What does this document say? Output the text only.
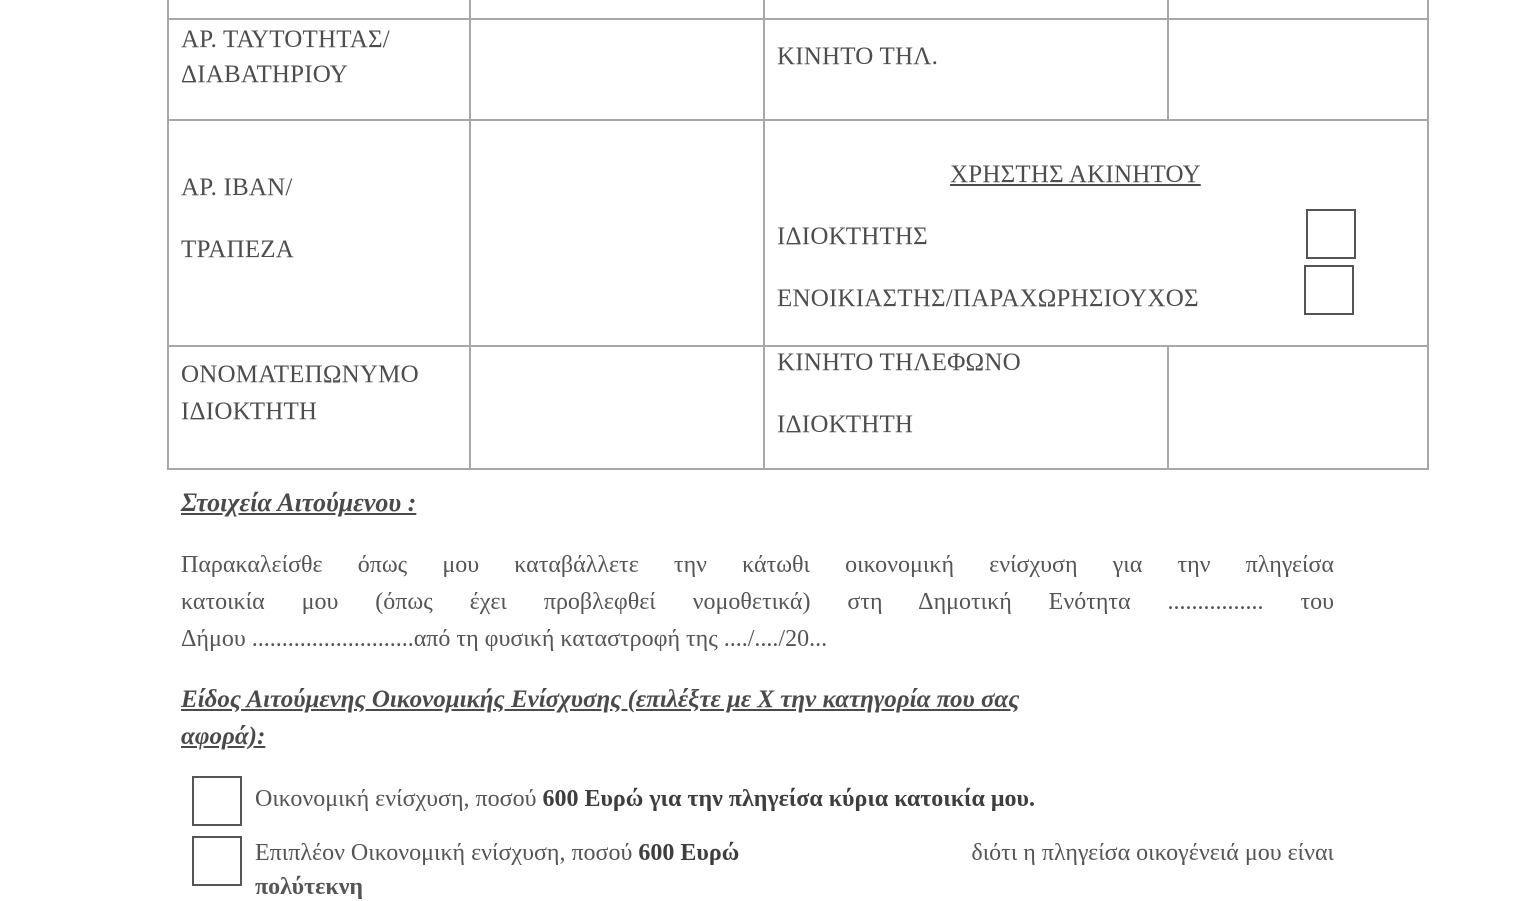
ΑΡ. ΤΑΥΤΟΤΗΤΑΣ/
ΔΙΑΒΑΤΗΡΙΟΥ
ΚΙΝΗΤΟ ΤΗΛ.
ΑΡ. ΙΒΑΝ/
ΤΡΑΠΕΖΑ
ΧΡΗΣΤΗΣ ΑΚΙΝΗΤΟΥ
ΙΔΙΟΚΤΗΤΗΣ
ΕΝΟΙΚΙΑΣΤΗΣ/ΠΑΡΑΧΩΡΗΣΙΟΥΧΟΣ
ΟΝΟΜΑΤΕΠΩΝΥΜΟ
ΙΔΙΟΚΤΗΤΗ
ΚΙΝΗΤΟ ΤΗΛΕΦΩΝΟ
ΙΔΙΟΚΤΗΤΗ
Στοιχεία Αιτούμενου :
Παρακαλείσθε όπως μου καταβάλλετε την κάτωθι οικονομική ενίσχυση για την πληγείσα
κατοικία μου (όπως έχει προβλεφθεί νομοθετικά) στη Δημοτική Ενότητα ................ του
Δήμου ...........................από τη φυσική καταστροφή της ..../..../20...
Είδος Αιτούμενης Οικονομικής Ενίσχυσης (επιλέξτε με Χ την κατηγορία που σας
αφορά):
Οικονομική ενίσχυση, ποσού 600 Ευρώ για την πληγείσα κύρια κατοικία μου.
Επιπλέον Οικονομική ενίσχυση, ποσού 600 Ευρώ	διότι η πληγείσα οικογένειά μου είναι
πολύτεκνη
